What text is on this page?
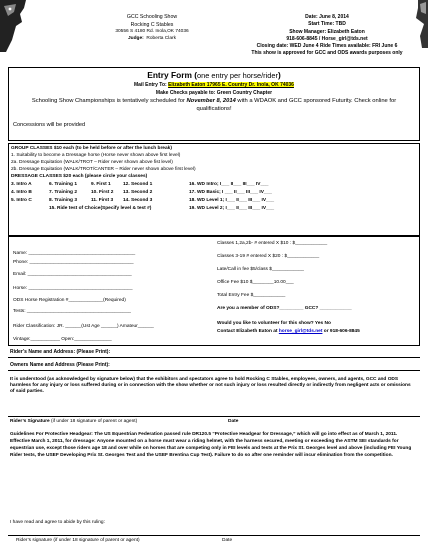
GCC Schooling Show
Rocking C Stables
30556 S 4180 Rd. Inola,OK 74036
Judge: Roberta Clark
Date: June 8, 2014
Start Time: TBD
Show Manager: Elizabeth Eaton
918-606-8845 / Horse_girl@tds.net
Closing date: WED June 4 Ride Times available: FRI June 6
This show is approved for GCC and ODS awards purposes only
Entry Form (one entry per horse/rider)
Mail Entry To: Elizabeth Eaton 17965 E. Country Dr. Inola, OK 74036
Make Checks payable to: Green Country Chapter
Schooling Show Championships is tentatively scheduled for November 8, 2014 with a WDAOK and GCC sponsored Futurity. Check online for qualifications!
Concessions will be provided
GROUP CLASSES $10 each (to be held before or after the lunch break)
1. Suitability to become a Dressage horse (Horse never shown above first level)
2a. Dressage Equitation (WALK/TROT – Rider never shown above fist level)
2b. Dressage Equitation (WALK/TROT/CANTER – Rider never shown above first level)
DRESSAGE CLASSES $20 each (please circle your classes)
3. Intro A	6. Training 1	9. First 1	12. Second 1
4. Intro B	7. Training 2	10. First 2 13. Second 2
5. Intro C	8. Training 3	11. First 3 14. Second 3
15. Ride test of Choice(Specify level & test #)
16. WD Intro; I___ II___ III___ IV___
17. WD Basic; I ___ II___ III___ IV___
18. WD Level 1; I___ II___ III___ IV___
19. WD Level 2; I___ II___ III___ IV___
Name: ________________________________________
Phone: _______________________________________
Email: _______________________________________
Horse: _______________________________________
ODS Horse Registration #_____________(Required)
Tests: _______________________________________
Rider Classification: JR. ______(Ust Age ______) Amateur______
Vintage:___________ Open:______________
Classes 1,2a,2b- # entered X $10 : $____________
Classes 3-19 # entered X $20 : $____________
Late/Call in fee $5/class $____________
Office Fee $10 $________10.00___
Total Entry Fee $____________
Are you a member of ODS?_________ GCC? ____________
Would you like to volunteer for this show? Yes No
Contact Elizabeth Eaton at horse_girl@tds.net or 918-606-8845
Rider’s Name and Address: (Please Print):
Owners Name and Address (Please Print):
It is understood (as acknowledged by signature below) that the exhibitors and spectators agree to hold Rocking C Stables, employees, owners, and agents, GCC and ODS harmless for any injury or loss suffered during or in connection with the show whether or not such injury or loss resulted directly or indirectly from negligent acts or omissions of said parties.
Rider’s Signature (if under 18 signature of parent or agent)	Date
Guidelines For Protective Headgear: The US Equestrian Federation passed rule DR120.5 “Protective Headgear for Dressage,” which will go into effect as of March 1, 2011. Effective March 1, 2011, for dressage: Anyone mounted on a horse must wear a riding helmet, with the harness secured, meeting or exceeding the ASTM SEI standards for equestrian use, except those riders age 18 and over while on horses that are competing only in FEI levels and tests at the Prix St. Georges level and above (including FEI Young Rider tests, the USEF Developing Prix St. Georges Test and the USEF Brentina Cup Test). Failure to do so after one reminder will incur elimination from the competition.
I have read and agree to abide by this ruling:
Rider’s signature (if under 18 signature of parent or agent)	Date
